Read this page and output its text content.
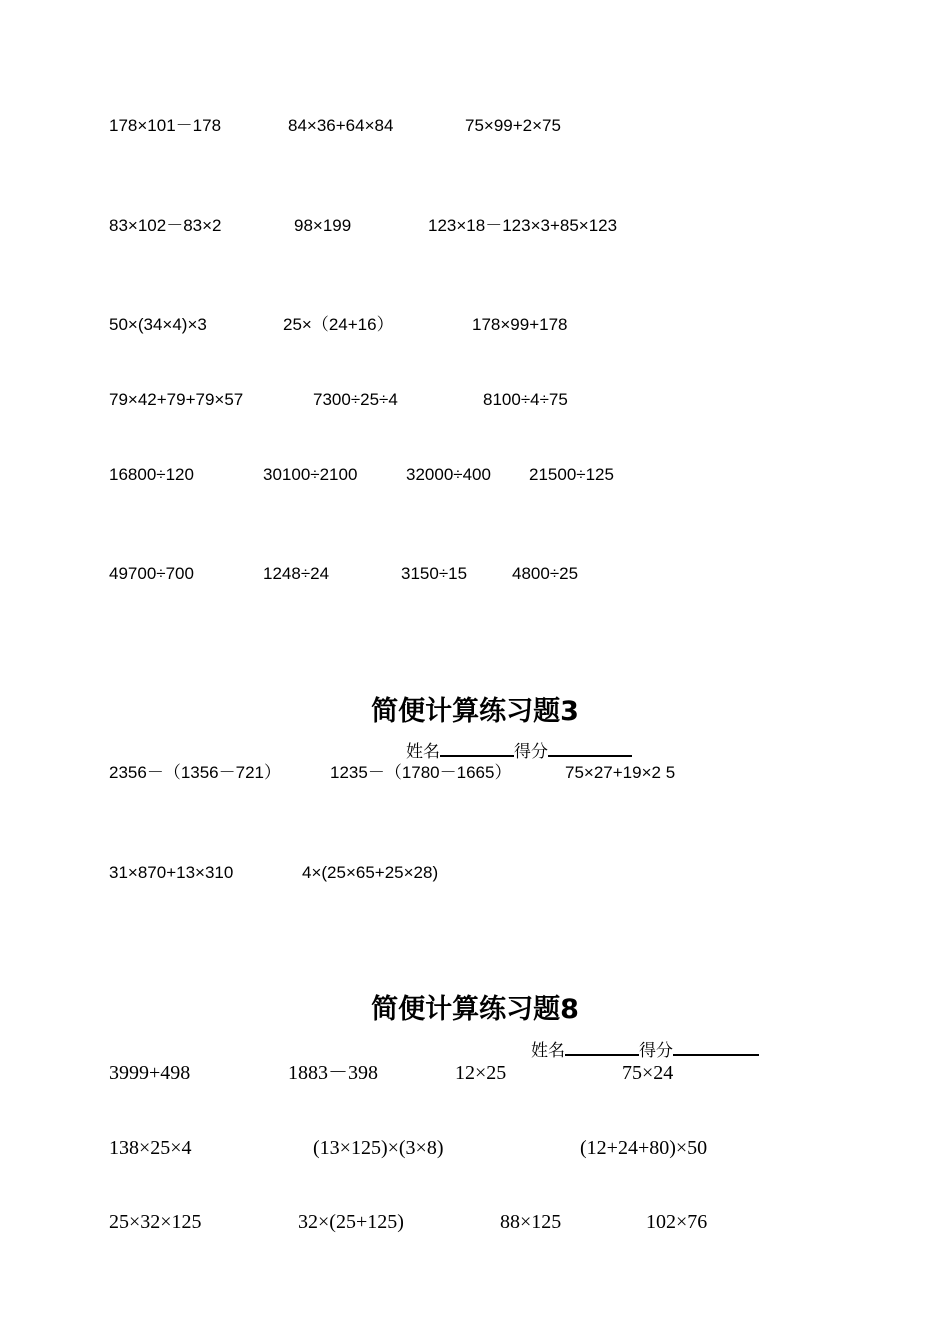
178×101－178	84×36+64×84	75×99+2×75
83×102－83×2	98×199	123×18－123×3+85×123
50×(34×4)×3	25×（24+16）	178×99+178
79×42+79+79×57	7300÷25÷4	8100÷4÷75
16800÷120	30100÷2100	32000÷400 21500÷125
49700÷700	1248÷24	3150÷15	4800÷25
简便计算练习题3
姓名	得分
2356－（1356－721）	1235－（1780－1665）	75×27+19×2 5
31×870+13×310	4×(25×65+25×28)
简便计算练习题8
姓名	得分
3999+498	1883－398	12×25	75×24
138×25×4	(13×125)×(3×8)	(12+24+80)×50
25×32×125	32×(25+125)	88×125	102×76
